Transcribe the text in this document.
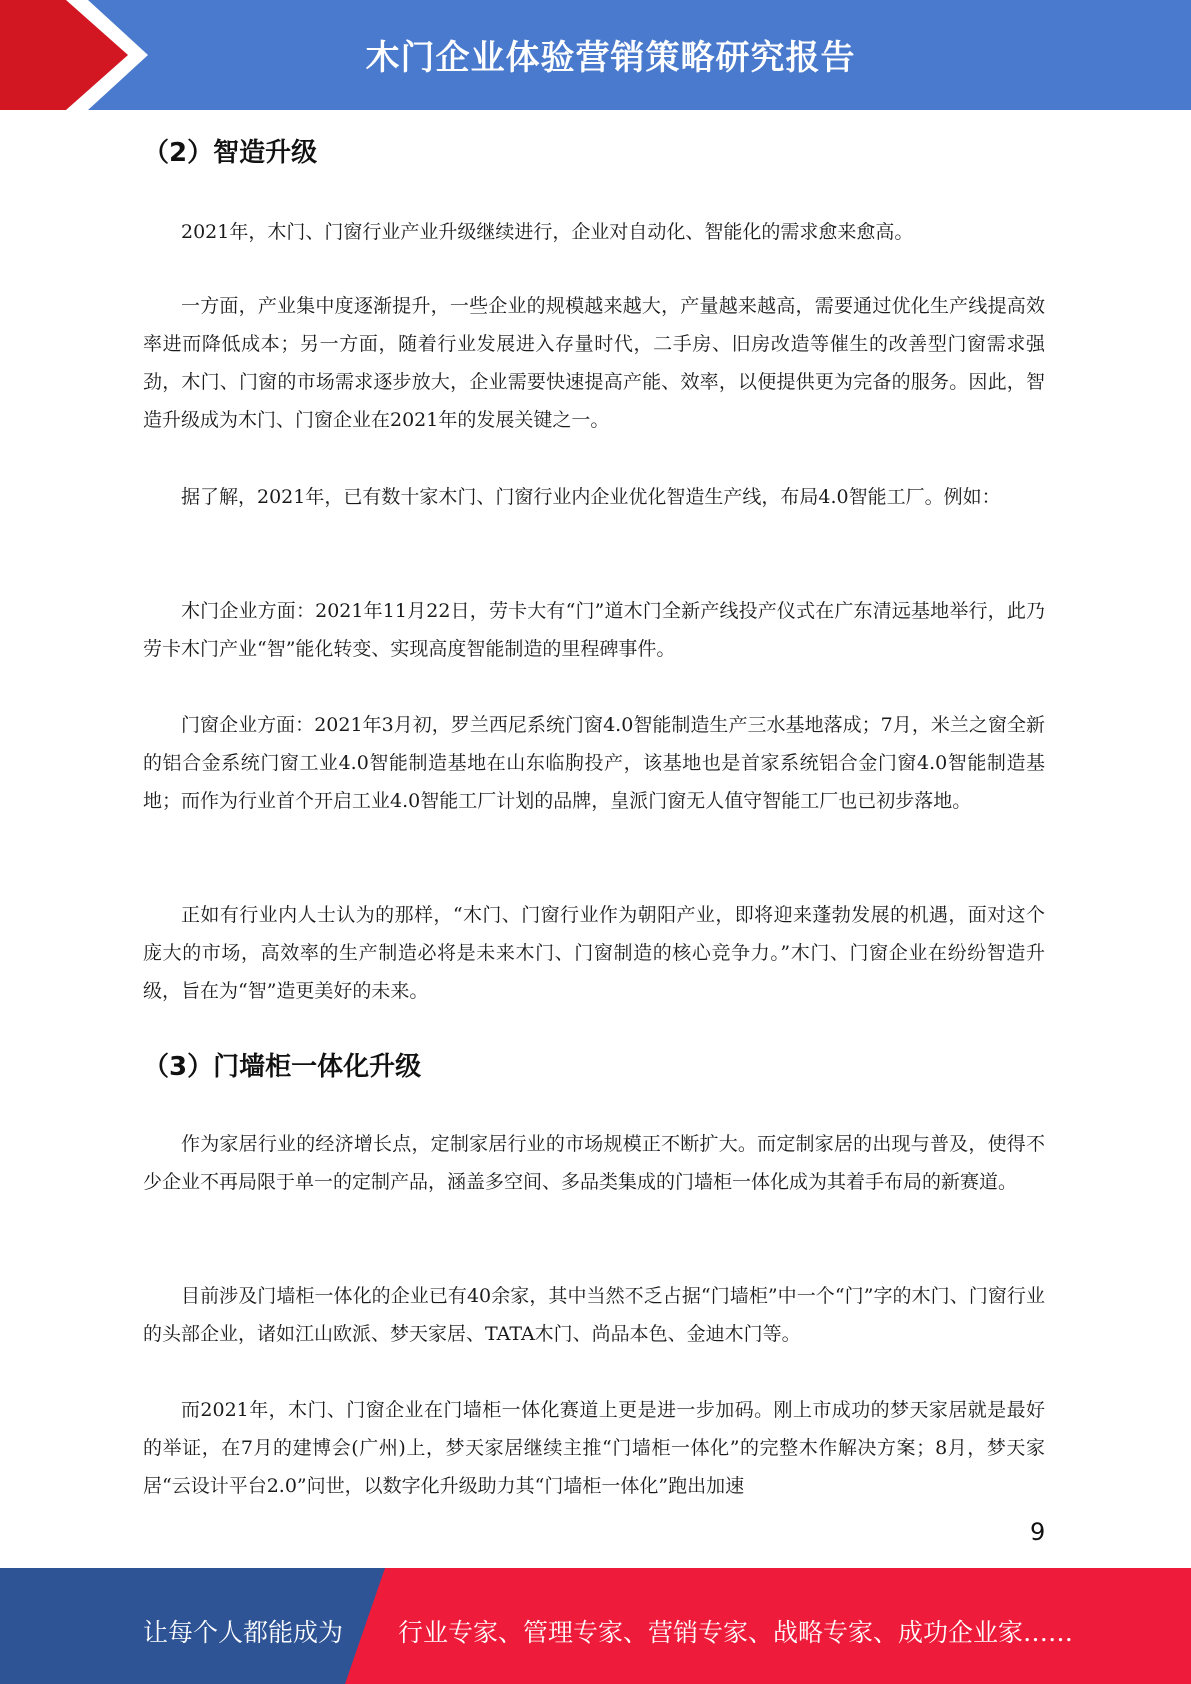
木门企业体验营销策略研究报告
（2）智造升级

2021年，木门、门窗行业产业升级继续进行，企业对自动化、智能化的需求愈来愈高。

一方面，产业集中度逐渐提升，一些企业的规模越来越大，产量越来越高，需要通过优化生产线提高效率进而降低成本；另一方面，随着行业发展进入存量时代，二手房、旧房改造等催生的改善型门窗需求强劲，木门、门窗的市场需求逐步放大，企业需要快速提高产能、效率，以便提供更为完备的服务。因此，智造升级成为木门、门窗企业在2021年的发展关键之一。

据了解，2021年，已有数十家木门、门窗行业内企业优化智造生产线，布局4.0智能工厂。例如：

木门企业方面：2021年11月22日，劳卡大有“门”道木门全新产线投产仪式在广东清远基地举行，此乃劳卡木门产业“智”能化转变、实现高度智能制造的里程碑事件。

门窗企业方面：2021年3月初，罗兰西尼系统门窗4.0智能制造生产三水基地落成；7月，米兰之窗全新的铝合金系统门窗工业4.0智能制造基地在山东临朐投产，该基地也是首家系统铝合金门窗4.0智能制造基地；而作为行业首个开启工业4.0智能工厂计划的品牌，皇派门窗无人值守智能工厂也已初步落地。

正如有行业内人士认为的那样，“木门、门窗行业作为朝阳产业，即将迎来蓬勃发展的机遇，面对这个庞大的市场，高效率的生产制造必将是未来木门、门窗制造的核心竞争力。”木门、门窗企业在纷纷智造升级，旨在为“智”造更美好的未来。

（3）门墙柜一体化升级

作为家居行业的经济增长点，定制家居行业的市场规模正不断扩大。而定制家居的出现与普及，使得不少企业不再局限于单一的定制产品，涵盖多空间、多品类集成的门墙柜一体化成为其着手布局的新赛道。

目前涉及门墙柜一体化的企业已有40余家，其中当然不乏占据“门墙柜”中一个“门”字的木门、门窗行业的头部企业，诸如江山欧派、梦天家居、TATA木门、尚品本色、金迪木门等。

而2021年，木门、门窗企业在门墙柜一体化赛道上更是进一步加码。刚上市成功的梦天家居就是最好的举证，在7月的建博会(广州)上，梦天家居继续主推“门墙柜一体化”的完整木作解决方案；8月，梦天家居“云设计平台2.0”问世，以数字化升级助力其“门墙柜一体化”跑出加速

9
让每个人都能成为 行业专家、管理专家、营销专家、战略专家、成功企业家……
